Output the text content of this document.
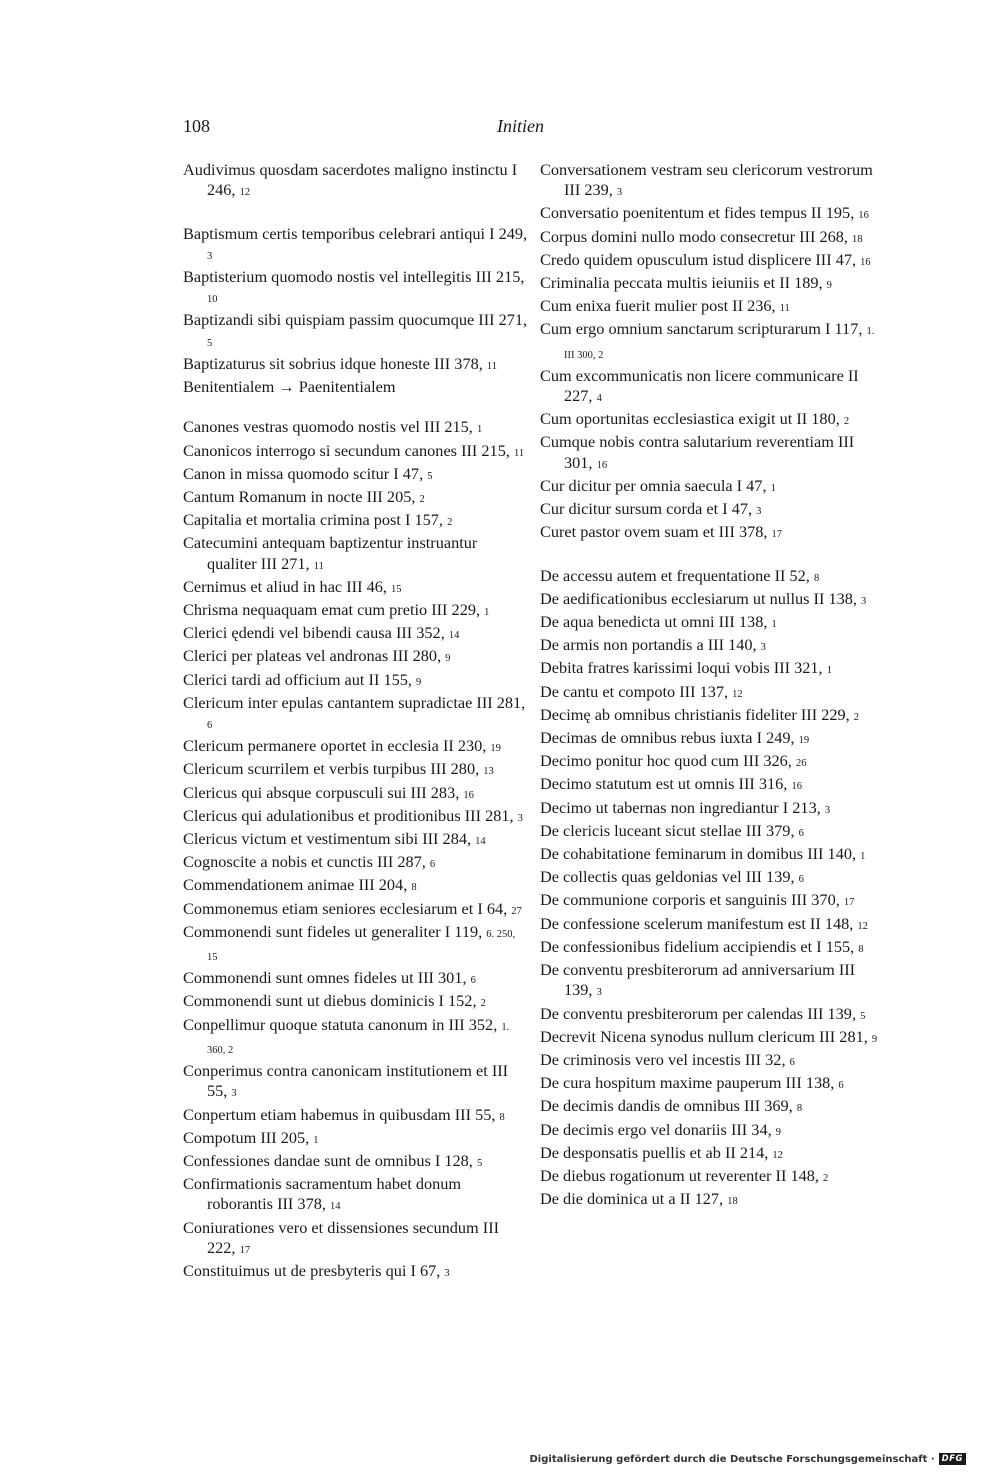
108	Initien
Audivimus quosdam sacerdotes maligno instinctu I 246, 12
Baptismum certis temporibus celebrari antiqui I 249, 3
Baptisterium quomodo nostis vel intellegitis III 215, 10
Baptizandi sibi quispiam passim quocumque III 271, 5
Baptizaturus sit sobrius idque honeste III 378, 11
Benitentialem → Paenitentialem
Canones vestras quomodo nostis vel III 215, 1
Canonicos interrogo si secundum canones III 215, 11
Canon in missa quomodo scitur I 47, 5
Cantum Romanum in nocte III 205, 2
Capitalia et mortalia crimina post I 157, 2
Catecumini antequam baptizentur instruantur qualiter III 271, 11
Cernimus et aliud in hac III 46, 15
Chrisma nequaquam emat cum pretio III 229, 1
Clerici ędendi vel bibendi causa III 352, 14
Clerici per plateas vel andronas III 280, 9
Clerici tardi ad officium aut II 155, 9
Clericum inter epulas cantantem supradictae III 281, 6
Clericum permanere oportet in ecclesia II 230, 19
Clericum scurrilem et verbis turpibus III 280, 13
Clericus qui absque corpusculi sui III 283, 16
Clericus qui adulationibus et proditionibus III 281, 3
Clericus victum et vestimentum sibi III 284, 14
Cognoscite a nobis et cunctis III 287, 6
Commendationem animae III 204, 8
Commonemus etiam seniores ecclesiarum et I 64, 27
Commonendi sunt fideles ut generaliter I 119, 6. 250, 15
Commonendi sunt omnes fideles ut III 301, 6
Commonendi sunt ut diebus dominicis I 152, 2
Conpellimur quoque statuta canonum in III 352, 1. 360, 2
Conperimus contra canonicam institutionem et III 55, 3
Conpertum etiam habemus in quibusdam III 55, 8
Compotum III 205, 1
Confessiones dandae sunt de omnibus I 128, 5
Confirmationis sacramentum habet donum roborantis III 378, 14
Coniurationes vero et dissensiones secundum III 222, 17
Constituimus ut de presbyteris qui I 67, 3
Conversationem vestram seu clericorum vestrorum III 239, 3
Conversatio poenitentum et fides tempus II 195, 16
Corpus domini nullo modo consecretur III 268, 18
Credo quidem opusculum istud displicere III 47, 16
Criminalia peccata multis ieiuniis et II 189, 9
Cum enixa fuerit mulier post II 236, 11
Cum ergo omnium sanctarum scripturarum I 117, 1. III 300, 2
Cum excommunicatis non licere communicare II 227, 4
Cum oportunitas ecclesiastica exigit ut II 180, 2
Cumque nobis contra salutarium reverentiam III 301, 16
Cur dicitur per omnia saecula I 47, 1
Cur dicitur sursum corda et I 47, 3
Curet pastor ovem suam et III 378, 17
De accessu autem et frequentatione II 52, 8
De aedificationibus ecclesiarum ut nullus II 138, 3
De aqua benedicta ut omni III 138, 1
De armis non portandis a III 140, 3
Debita fratres karissimi loqui vobis III 321, 1
De cantu et compoto III 137, 12
Decimę ab omnibus christianis fideliter III 229, 2
Decimas de omnibus rebus iuxta I 249, 19
Decimo ponitur hoc quod cum III 326, 26
Decimo statutum est ut omnis III 316, 16
Decimo ut tabernas non ingrediantur I 213, 3
De clericis luceant sicut stellae III 379, 6
De cohabitatione feminarum in domibus III 140, 1
De collectis quas geldonias vel III 139, 6
De communione corporis et sanguinis III 370, 17
De confessione scelerum manifestum est II 148, 12
De confessionibus fidelium accipiendis et I 155, 8
De conventu presbiterorum ad anniversarium III 139, 3
De conventu presbiterorum per calendas III 139, 5
Decrevit Nicena synodus nullum clericum III 281, 9
De criminosis vero vel incestis III 32, 6
De cura hospitum maxime pauperum III 138, 6
De decimis dandis de omnibus III 369, 8
De decimis ergo vel donariis III 34, 9
De desponsatis puellis et ab II 214, 12
De diebus rogationum ut reverenter II 148, 2
De die dominica ut a II 127, 18
Digitalisierung gefördert durch die Deutsche Forschungsgemeinschaft · DFG
